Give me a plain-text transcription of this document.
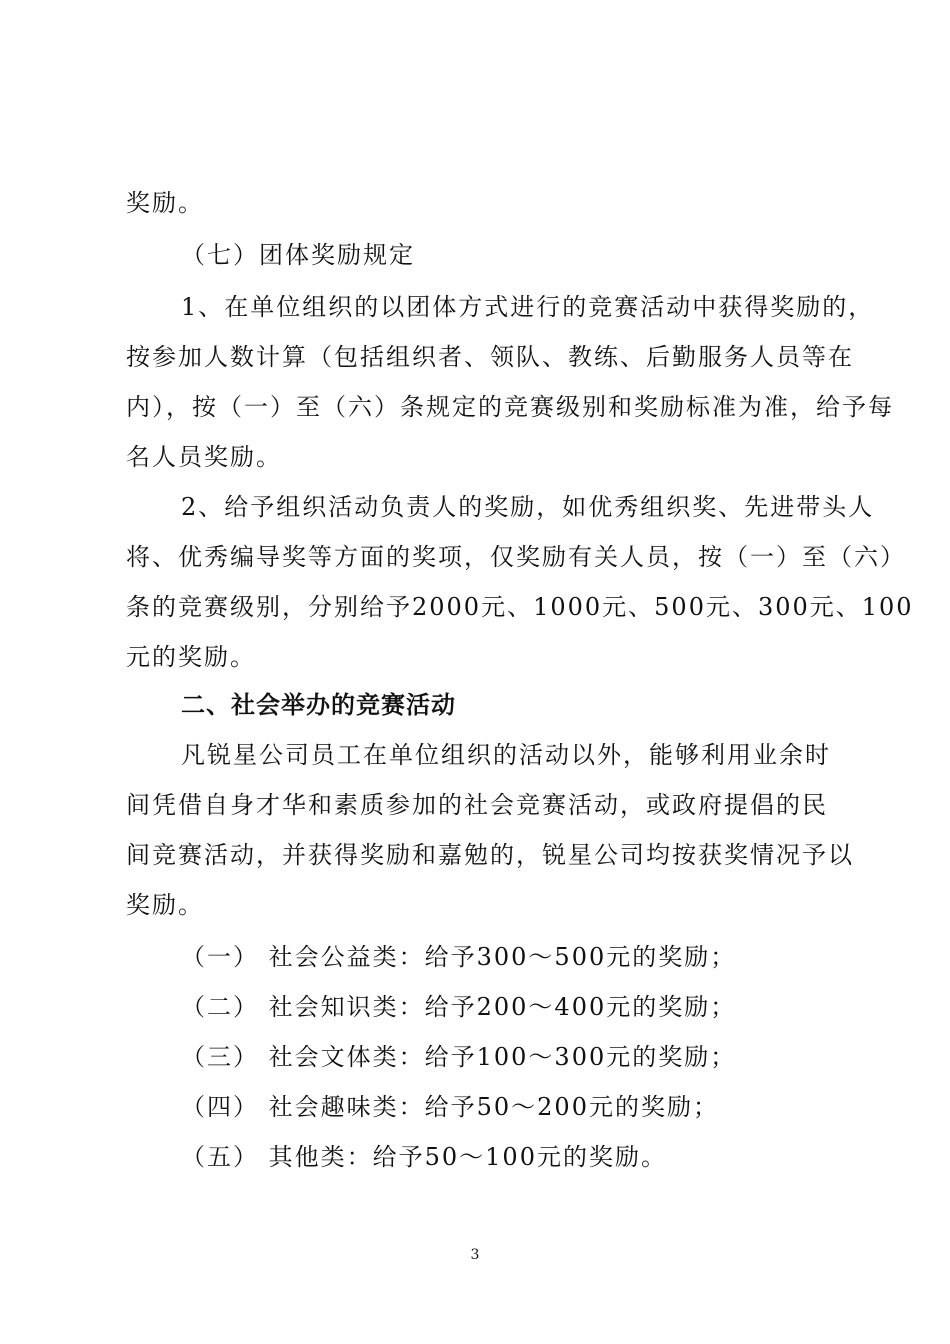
奖励。
（七）团体奖励规定
1、在单位组织的以团体方式进行的竞赛活动中获得奖励的，
按参加人数计算（包括组织者、领队、教练、后勤服务人员等在
内），按（一）至（六）条规定的竞赛级别和奖励标准为准，给予每
名人员奖励。
2、给予组织活动负责人的奖励，如优秀组织奖、先进带头人
将、优秀编导奖等方面的奖项，仅奖励有关人员，按（一）至（六）
条的竞赛级别，分别给予2000元、1000元、500元、300元、100
元的奖励。
二、社会举办的竞赛活动
凡锐星公司员工在单位组织的活动以外，能够利用业余时
间凭借自身才华和素质参加的社会竞赛活动，或政府提倡的民
间竞赛活动，并获得奖励和嘉勉的，锐星公司均按获奖情况予以
奖励。
（一） 社会公益类：给予300～500元的奖励；
（二） 社会知识类：给予200～400元的奖励；
（三） 社会文体类：给予100～300元的奖励；
（四） 社会趣味类：给予50～200元的奖励；
（五） 其他类：给予50～100元的奖励。
3
